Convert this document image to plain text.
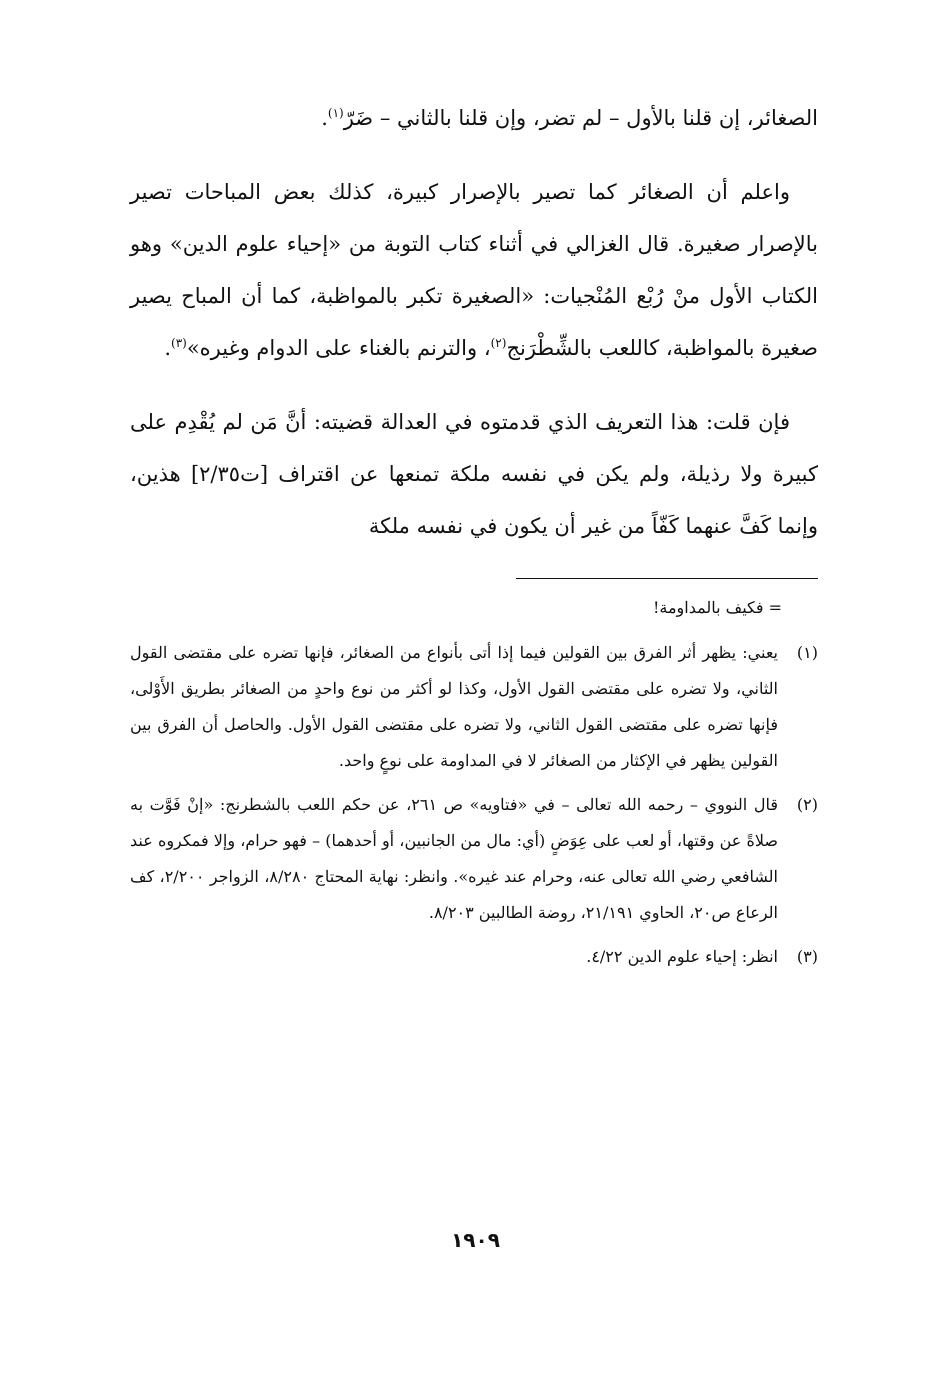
الصغائر، إن قلنا بالأول – لم تضر، وإن قلنا بالثاني – ضَرّ$^{(١)}$.

واعلم أن الصغائر كما تصير بالإصرار كبيرة، كذلك بعض المباحات تصير بالإصرار صغيرة. قال الغزالي في أثناء كتاب التوبة من «إحياء علوم الدين» وهو الكتاب الأول منْ رُبْع المُنْجيات: «الصغيرة تكبر بالمواظبة، كما أن المباح يصير صغيرة بالمواظبة، كاللعب بالشِّطْرَنج$^{(٢)}$، والترنم بالغناء على الدوام وغيره»$^{(٣)}$.

فإن قلت: هذا التعريف الذي قدمتوه في العدالة قضيته: أنَّ مَن لم يُقْدِم على كبيرة ولا رذيلة، ولم يكن في نفسه ملكة تمنعها عن اقتراف [ت٢/٣٥] هذين، وإنما كَفَّ عنهما كَفّاً من غير أن يكون في نفسه ملكة

= فكيف بالمداومة!

(١)
يعني: يظهر أثر الفرق بين القولين فيما إذا أتى بأنواع من الصغائر، فإنها تضره على مقتضى القول الثاني، ولا تضره على مقتضى القول الأول، وكذا لو أكثر من نوع واحدٍ من الصغائر بطريق الأَوْلى، فإنها تضره على مقتضى القول الثاني، ولا تضره على مقتضى القول الأول. والحاصل أن الفرق بين القولين يظهر في الإكثار من الصغائر لا في المداومة على نوعٍ واحد.
(٢)
قال النووي – رحمه الله تعالى – في «فتاويه» ص ٢٦١، عن حكم اللعب بالشطرنج: «إنْ فَوَّت به صلاةً عن وقتها، أو لعب على عِوَضٍ (أي: مال من الجانبين، أو أحدهما) – فهو حرام، وإلا فمكروه عند الشافعي رضي الله تعالى عنه، وحرام عند غيره». وانظر: نهاية المحتاج ٨/٢٨٠، الزواجر ٢/٢٠٠، كف الرعاع ص٢٠، الحاوي ٢١/١٩١، روضة الطالبين ٨/٢٠٣.
(٣)
انظر: إحياء علوم الدين ٤/٢٢.
١٩٠٩
